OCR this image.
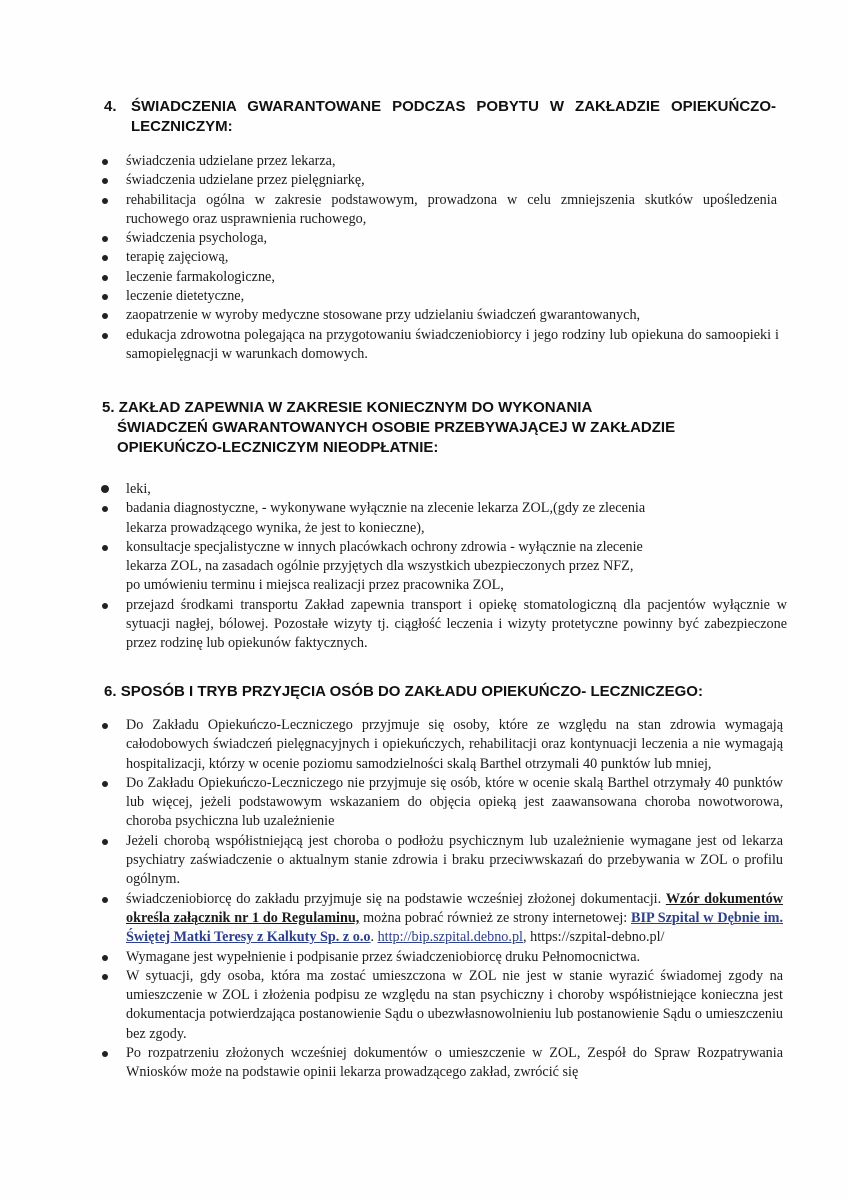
4. ŚWIADCZENIA GWARANTOWANE PODCZAS POBYTU W ZAKŁADZIE OPIEKUŃCZO-
LECZNICZYM:
świadczenia udzielane przez lekarza,
świadczenia udzielane przez pielęgniarkę,
rehabilitacja ogólna w zakresie podstawowym, prowadzona w celu zmniejszenia skutków upośledzenia ruchowego oraz usprawnienia ruchowego,
świadczenia psychologa,
terapię zajęciową,
leczenie farmakologiczne,
leczenie dietetyczne,
zaopatrzenie w wyroby medyczne stosowane przy udzielaniu świadczeń gwarantowanych,
edukacja zdrowotna polegająca na przygotowaniu świadczeniobiorcy i jego rodziny lub opiekuna do samoopieki i samopielęgnacji w warunkach domowych.
5. ZAKŁAD ZAPEWNIA W ZAKRESIE KONIECZNYM DO WYKONANIA
ŚWIADCZEŃ GWARANTOWANYCH OSOBIE PRZEBYWAJĄCEJ W ZAKŁADZIE
OPIEKUŃCZO-LECZNICZYM NIEODPŁATNIE:
leki,
badania diagnostyczne, - wykonywane wyłącznie na zlecenie lekarza ZOL,(gdy ze zlecenia
lekarza prowadzącego wynika, że jest to konieczne),
konsultacje specjalistyczne w innych placówkach ochrony zdrowia - wyłącznie na zlecenie
lekarza ZOL, na zasadach ogólnie przyjętych dla wszystkich ubezpieczonych przez NFZ,
po umówieniu terminu i miejsca realizacji przez pracownika ZOL,
przejazd środkami transportu Zakład zapewnia transport i opiekę stomatologiczną dla pacjentów wyłącznie w sytuacji nagłej, bólowej. Pozostałe wizyty tj. ciągłość leczenia i wizyty protetyczne powinny być zabezpieczone przez rodzinę lub opiekunów faktycznych.
6. SPOSÓB I TRYB PRZYJĘCIA OSÓB DO ZAKŁADU OPIEKUŃCZO- LECZNICZEGO:
Do Zakładu Opiekuńczo-Leczniczego przyjmuje się osoby, które ze względu na stan zdrowia wymagają całodobowych świadczeń pielęgnacyjnych i opiekuńczych, rehabilitacji oraz kontynuacji leczenia a nie wymagają hospitalizacji, którzy w ocenie poziomu samodzielności skalą Barthel otrzymali 40 punktów lub mniej,
Do Zakładu Opiekuńczo-Leczniczego nie przyjmuje się osób, które w ocenie skalą Barthel otrzymały 40 punktów lub więcej, jeżeli podstawowym wskazaniem do objęcia opieką jest zaawansowana choroba nowotworowa, choroba psychiczna lub uzależnienie
Jeżeli chorobą współistniejącą jest choroba o podłożu psychicznym lub uzależnienie wymagane jest od lekarza psychiatry zaświadczenie o aktualnym stanie zdrowia i braku przeciwwskazań do przebywania w ZOL o profilu ogólnym.
świadczeniobiorcę do zakładu przyjmuje się na podstawie wcześniej złożonej dokumentacji. Wzór dokumentów określa załącznik nr 1 do Regulaminu, można pobrać również ze strony internetowej: BIP Szpital w Dębnie im. Świętej Matki Teresy z Kalkuty Sp. z o.o. http://bip.szpital.debno.pl, https://szpital-debno.pl/
Wymagane jest wypełnienie i podpisanie przez świadczeniobiorcę druku Pełnomocnictwa.
W sytuacji, gdy osoba, która ma zostać umieszczona w ZOL nie jest w stanie wyrazić świadomej zgody na umieszczenie w ZOL i złożenia podpisu ze względu na stan psychiczny i choroby współistniejące konieczna jest dokumentacja potwierdzająca postanowienie Sądu o ubezwłasnowolnieniu lub postanowienie Sądu o umieszczeniu bez zgody.
Po rozpatrzeniu złożonych wcześniej dokumentów o umieszczenie w ZOL, Zespół do Spraw Rozpatrywania Wniosków może na podstawie opinii lekarza prowadzącego zakład, zwrócić się
